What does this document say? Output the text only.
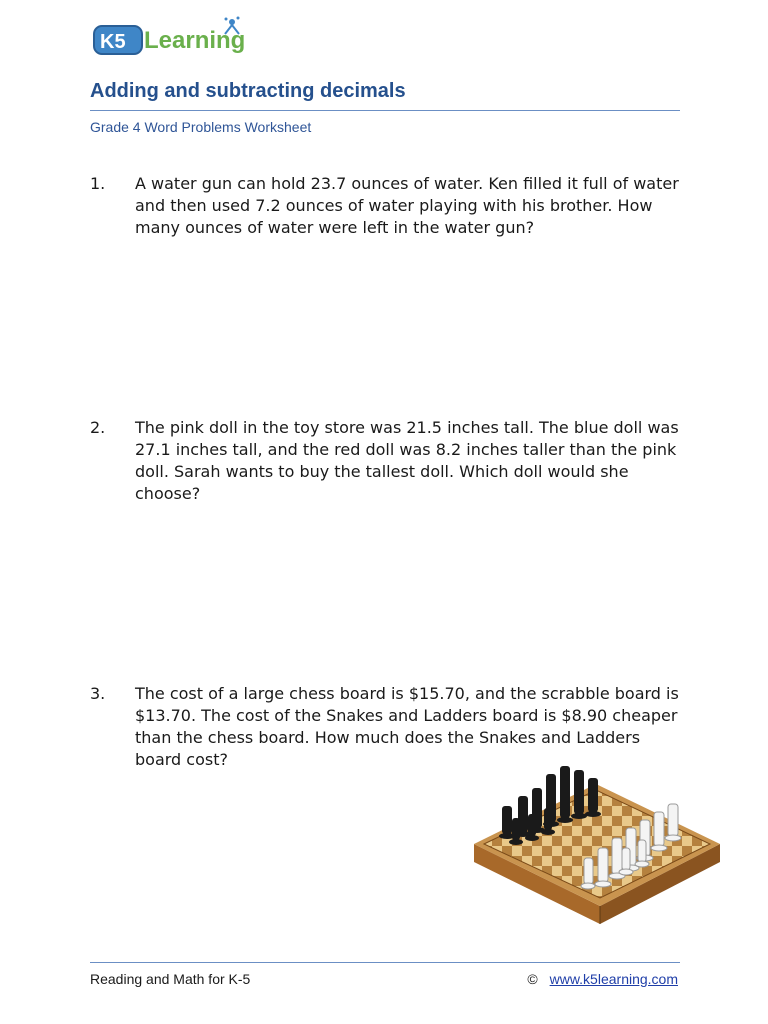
K5 Learning
Adding and subtracting decimals
Grade 4 Word Problems Worksheet
1. A water gun can hold 23.7 ounces of water. Ken filled it full of water and then used 7.2 ounces of water playing with his brother. How many ounces of water were left in the water gun?
2. The pink doll in the toy store was 21.5 inches tall. The blue doll was 27.1 inches tall, and the red doll was 8.2 inches taller than the pink doll. Sarah wants to buy the tallest doll. Which doll would she choose?
3. The cost of a large chess board is $15.70, and the scrabble board is $13.70. The cost of the Snakes and Ladders board is $8.90 cheaper than the chess board. How much does the Snakes and Ladders board cost?
Reading and Math for K-5	© www.k5learning.com
